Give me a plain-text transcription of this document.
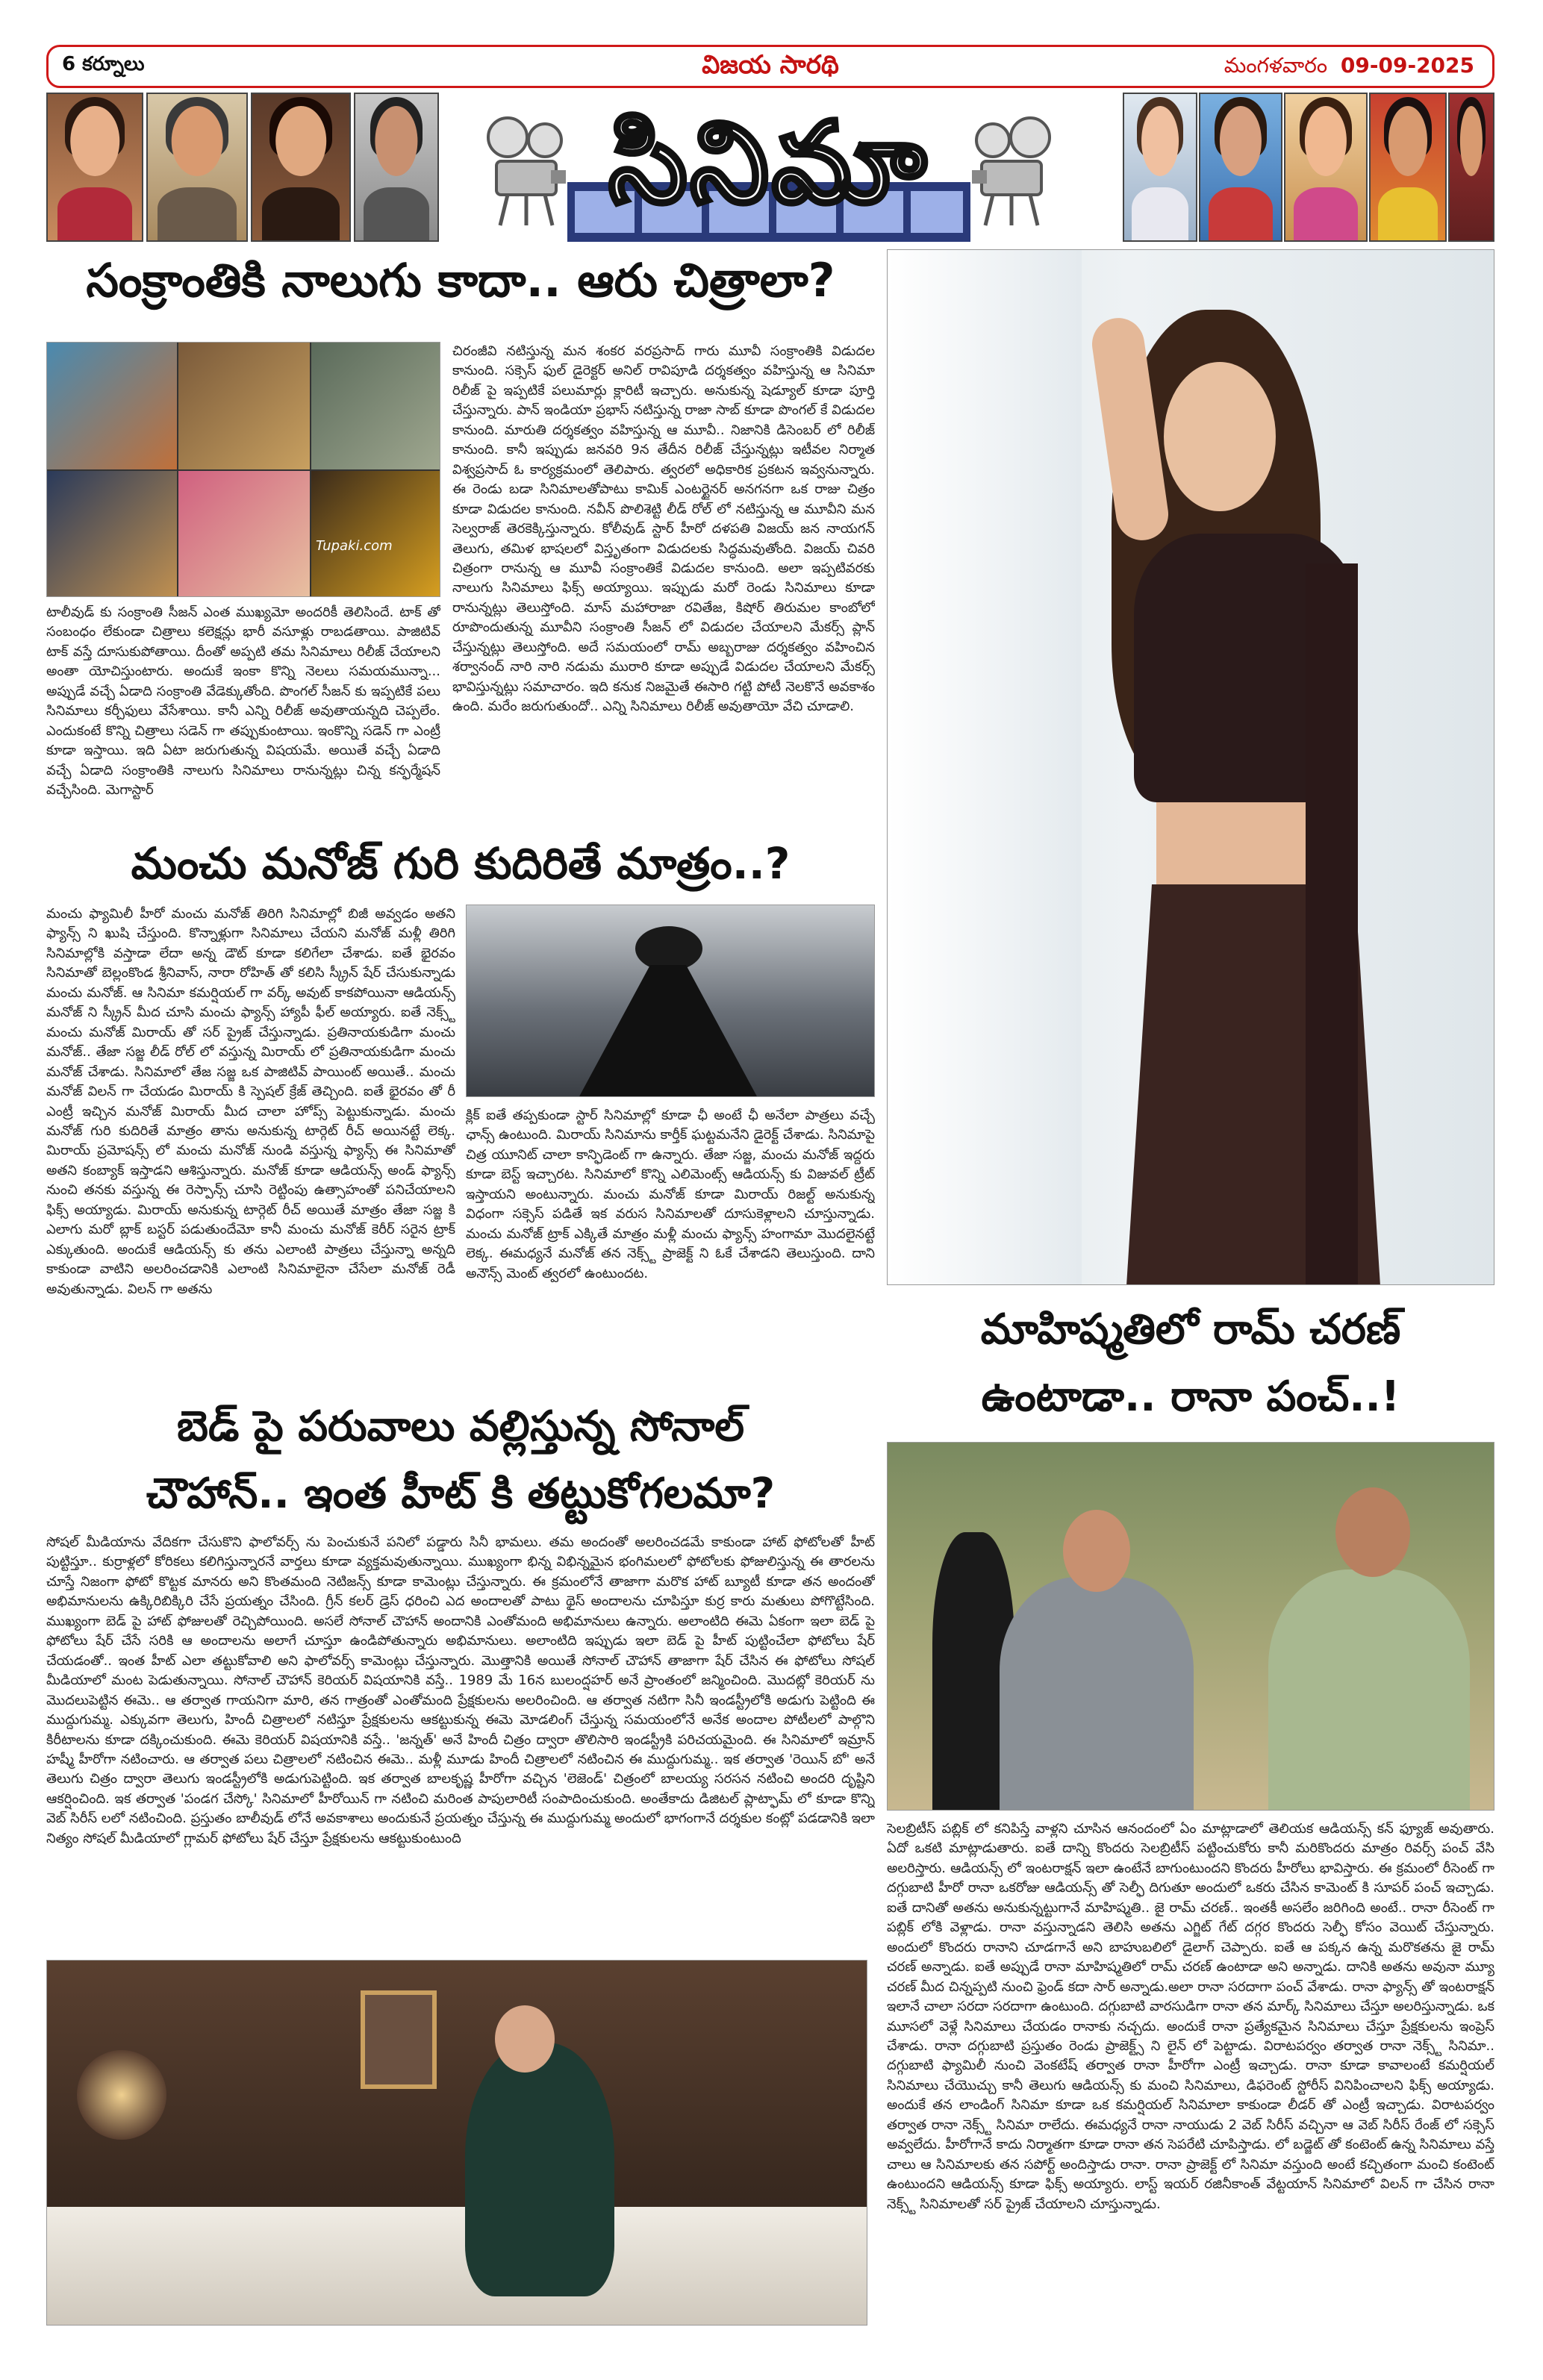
6 కర్నూలు	విజయ సారథి	మంగళవారం 09-09-2025
సినిమా
సంక్రాంతికి నాలుగు కాదా.. ఆరు చిత్రాలా?
Tupaki.com
టాలీవుడ్ కు సంక్రాంతి సీజన్ ఎంత ముఖ్యమో అందరికీ తెలిసిందే. టాక్ తో సంబంధం లేకుండా చిత్రాలు కలెక్షన్లు భారీ వసూళ్లు రాబడతాయి. పాజిటివ్ టాక్ వస్తే దూసుకుపోతాయి. దీంతో అప్పటి తమ సినిమాలు రిలీజ్ చేయాలని అంతా యోచిస్తుంటారు. అందుకే ఇంకా కొన్ని నెలలు సమయమున్నా... అప్పుడే వచ్చే ఏడాది సంక్రాంతి వేడెక్కుతోంది. పొంగల్ సీజన్ కు ఇప్పటికే పలు సినిమాలు కర్చీఫులు వేసేశాయి. కానీ ఎన్ని రిలీజ్ అవుతాయన్నది చెప్పలేం. ఎందుకంటే కొన్ని చిత్రాలు సడెన్ గా తప్పుకుంటాయి. ఇంకొన్ని సడెన్ గా ఎంట్రీ కూడా ఇస్తాయి. ఇది ఏటా జరుగుతున్న విషయమే. అయితే వచ్చే ఏడాది వచ్చే ఏడాది సంక్రాంతికి నాలుగు సినిమాలు రానున్నట్లు చిన్న కన్ఫర్మేషన్ వచ్చేసింది. మెగాస్టార్
చిరంజీవి నటిస్తున్న మన శంకర వరప్రసాద్ గారు మూవీ సంక్రాంతికి విడుదల కానుంది. సక్సెస్ ఫుల్ డైరెక్టర్ అనిల్ రావిపూడి దర్శకత్వం వహిస్తున్న ఆ సినిమా రిలీజ్ పై ఇప్పటికే పలుమార్లు క్లారిటీ ఇచ్చారు. అనుకున్న షెడ్యూల్ కూడా పూర్తి చేస్తున్నారు. పాన్ ఇండియా ప్రభాస్ నటిస్తున్న రాజా సాబ్ కూడా పొంగల్ కే విడుదల కానుంది. మారుతి దర్శకత్వం వహిస్తున్న ఆ మూవీ.. నిజానికి డిసెంబర్ లో రిలీజ్ కానుంది. కానీ ఇప్పుడు జనవరి 9న తేదీన రిలీజ్ చేస్తున్నట్లు ఇటీవల నిర్మాత విశ్వప్రసాద్ ఓ కార్యక్రమంలో తెలిపారు. త్వరలో అధికారిక ప్రకటన ఇవ్వనున్నారు. ఈ రెండు బడా సినిమాలతోపాటు కామిక్ ఎంటర్టైనర్ అనగనగా ఒక రాజు చిత్రం కూడా విడుదల కానుంది. నవీన్ పొలిశెట్టి లీడ్ రోల్ లో నటిస్తున్న ఆ మూవీని మన సెల్వరాజ్ తెరకెక్కిస్తున్నారు. కోలీవుడ్ స్టార్ హీరో దళపతి విజయ్ జన నాయగన్ తెలుగు, తమిళ భాషలలో విస్తృతంగా విడుదలకు సిద్ధమవుతోంది. విజయ్ చివరి చిత్రంగా రానున్న ఆ మూవీ సంక్రాంతికే విడుదల కానుంది. అలా ఇప్పటివరకు నాలుగు సినిమాలు ఫిక్స్ అయ్యాయి. ఇప్పుడు మరో రెండు సినిమాలు కూడా రానున్నట్లు తెలుస్తోంది. మాస్ మహారాజా రవితేజ, కిషోర్ తిరుమల కాంబోలో రూపొందుతున్న మూవీని సంక్రాంతి సీజన్ లో విడుదల చేయాలని మేకర్స్ ప్లాన్ చేస్తున్నట్లు తెలుస్తోంది. అదే సమయంలో రామ్ అబ్బరాజు దర్శకత్వం వహించిన శర్వానంద్ నారి నారి నడుమ మురారి కూడా అప్పుడే విడుదల చేయాలని మేకర్స్ భావిస్తున్నట్లు సమాచారం. ఇది కనుక నిజమైతే ఈసారి గట్టి పోటీ నెలకొనే అవకాశం ఉంది. మరేం జరుగుతుందో.. ఎన్ని సినిమాలు రిలీజ్ అవుతాయో వేచి చూడాలి.
మంచు మనోజ్ గురి కుదిరితే మాత్రం..?
మంచు ఫ్యామిలీ హీరో మంచు మనోజ్ తిరిగి సినిమాల్లో బిజీ అవ్వడం అతని ఫ్యాన్స్ ని ఖుషి చేస్తుంది. కొన్నాళ్లుగా సినిమాలు చేయని మనోజ్ మళ్లీ తిరిగి సినిమాల్లోకి వస్తాడా లేదా అన్న డౌట్ కూడా కలిగేలా చేశాడు. ఐతే భైరవం సినిమాతో బెల్లంకొండ శ్రీనివాస్, నారా రోహిత్ తో కలిసి స్క్రీన్ షేర్ చేసుకున్నాడు మంచు మనోజ్. ఆ సినిమా కమర్షియల్ గా వర్క్ అవుట్ కాకపోయినా ఆడియన్స్ మనోజ్ ని స్క్రీన్ మీద చూసి మంచు ఫ్యాన్స్ హ్యాపీ ఫీల్ అయ్యారు. ఐతే నెక్స్ట్ మంచు మనోజ్ మిరాయ్ తో సర్ ప్రైజ్ చేస్తున్నాడు. ప్రతినాయకుడిగా మంచు మనోజ్.. తేజా సజ్జ లీడ్ రోల్ లో వస్తున్న మిరాయ్ లో ప్రతినాయకుడిగా మంచు మనోజ్ చేశాడు. సినిమాలో తేజ సజ్జ ఒక పాజిటివ్ పాయింట్ అయితే.. మంచు మనోజ్ విలన్ గా చేయడం మిరాయ్ కి స్పెషల్ క్రేజ్ తెచ్చింది. ఐతే భైరవం తో రీ ఎంట్రీ ఇచ్చిన మనోజ్ మిరాయ్ మీద చాలా హోప్స్ పెట్టుకున్నాడు. మంచు మనోజ్ గురి కుదిరితే మాత్రం తాను అనుకున్న టార్గెట్ రీచ్ అయినట్టే లెక్క. మిరాయ్ ప్రమోషన్స్ లో మంచు మనోజ్ నుండి వస్తున్న ఫ్యాన్స్ ఈ సినిమాతో అతని కంబ్యాక్ ఇస్తాడని ఆశిస్తున్నారు. మనోజ్ కూడా ఆడియన్స్ అండ్ ఫ్యాన్స్ నుంచి తనకు వస్తున్న ఈ రెస్పాన్స్ చూసి రెట్టింపు ఉత్సాహంతో పనిచేయాలని ఫిక్స్ అయ్యాడు. మిరాయ్ అనుకున్న టార్గెట్ రీచ్ అయితే మాత్రం తేజా సజ్జ కి ఎలాగు మరో బ్లాక్ బస్టర్ పడుతుందేమో కానీ మంచు మనోజ్ కెరీర్ సరైన ట్రాక్ ఎక్కుతుంది. అందుకే ఆడియన్స్ కు తను ఎలాంటి పాత్రలు చేస్తున్నా అన్నది కాకుండా వాటిని అలరించడానికి ఎలాంటి సినిమాలైనా చేసేలా మనోజ్ రెడీ అవుతున్నాడు. విలన్ గా అతను
క్లిక్ ఐతే తప్పకుండా స్టార్ సినిమాల్లో కూడా ఛీ అంటే ఛీ అనేలా పాత్రలు వచ్చే ఛాన్స్ ఉంటుంది. మిరాయ్ సినిమాను కార్తీక్ ఘట్టమనేని డైరెక్ట్ చేశాడు. సినిమాపై చిత్ర యూనిట్ చాలా కాన్ఫిడెంట్ గా ఉన్నారు. తేజా సజ్జ, మంచు మనోజ్ ఇద్దరు కూడా బెస్ట్ ఇచ్చారట. సినిమాలో కొన్ని ఎలిమెంట్స్ ఆడియన్స్ కు విజువల్ ట్రీట్ ఇస్తాయని అంటున్నారు. మంచు మనోజ్ కూడా మిరాయ్ రిజల్ట్ అనుకున్న విధంగా సక్సెస్ పడితే ఇక వరుస సినిమాలతో దూసుకెళ్లాలని చూస్తున్నాడు. మంచు మనోజ్ ట్రాక్ ఎక్కితే మాత్రం మళ్లీ మంచు ఫ్యాన్స్ హంగామా మొదలైనట్టే లెక్క. ఈమధ్యనే మనోజ్ తన నెక్స్ట్ ప్రాజెక్ట్ ని ఓకే చేశాడని తెలుస్తుంది. దాని అనౌన్స్ మెంట్ త్వరలో ఉంటుందట.
బెడ్ పై పరువాలు వల్లిస్తున్న సోనాల్
చౌహాన్.. ఇంత హీట్ కి తట్టుకోగలమా?
సోషల్ మీడియాను వేదికగా చేసుకొని ఫాలోవర్స్ ను పెంచుకునే పనిలో పడ్డారు సినీ భామలు. తమ అందంతో అలరించడమే కాకుండా హాట్ ఫోటోలతో హీట్ పుట్టిస్తూ.. కుర్రాళ్లలో కోరికలు కలిగిస్తున్నారనే వార్తలు కూడా వ్యక్తమవుతున్నాయి. ముఖ్యంగా భిన్న విభిన్నమైన భంగిమలలో ఫోటోలకు ఫోజులిస్తున్న ఈ తారలను చూస్తే నిజంగా ఫోటో కొట్టక మానరు అని కొంతమంది నెటిజన్స్ కూడా కామెంట్లు చేస్తున్నారు. ఈ క్రమంలోనే తాజాగా మరొక హాట్ బ్యూటీ కూడా తన అందంతో అభిమానులను ఉక్కిరిబిక్కిరి చేసే ప్రయత్నం చేసింది. గ్రీన్ కలర్ డ్రెస్ ధరించి ఎద అందాలతో పాటు థైస్ అందాలను చూపిస్తూ కుర్ర కారు మతులు పోగొట్టేసింది. ముఖ్యంగా బెడ్ పై హాట్ ఫోజులతో రెచ్చిపోయింది. అసలే సోనాల్ చౌహాన్ అందానికి ఎంతోమంది అభిమానులు ఉన్నారు. అలాంటిది ఈమె ఏకంగా ఇలా బెడ్ పై ఫోటోలు షేర్ చేసే సరికి ఆ అందాలను అలాగే చూస్తూ ఉండిపోతున్నారు అభిమానులు. అలాంటిది ఇప్పుడు ఇలా బెడ్ పై హీట్ పుట్టించేలా ఫోటోలు షేర్ చేయడంతో.. ఇంత హీట్ ఎలా తట్టుకోవాలి అని ఫాలోవర్స్ కామెంట్లు చేస్తున్నారు. మొత్తానికి అయితే సోనాల్ చౌహాన్ తాజాగా షేర్ చేసిన ఈ ఫోటోలు సోషల్ మీడియాలో మంట పెడుతున్నాయి. సోనాల్ చౌహాన్ కెరియర్ విషయానికి వస్తే.. 1989 మే 16న బులంద్షహర్ అనే ప్రాంతంలో జన్మించింది. మొదట్లో కెరియర్ ను మొదలుపెట్టిన ఈమె.. ఆ తర్వాత గాయనిగా మారి, తన గాత్రంతో ఎంతోమంది ప్రేక్షకులను అలరించింది. ఆ తర్వాత నటిగా సినీ ఇండస్ట్రీలోకి అడుగు పెట్టింది ఈ ముద్దుగుమ్మ. ఎక్కువగా తెలుగు, హిందీ చిత్రాలలో నటిస్తూ ప్రేక్షకులను ఆకట్టుకున్న ఈమె మోడలింగ్ చేస్తున్న సమయంలోనే అనేక అందాల పోటీలలో పాల్గొని కిరీటాలను కూడా దక్కించుకుంది. ఈమె కెరియర్ విషయానికి వస్తే.. 'జన్నత్' అనే హిందీ చిత్రం ద్వారా తొలిసారి ఇండస్ట్రీకి పరిచయమైంది. ఈ సినిమాలో ఇమ్రాన్ హష్మీ హీరోగా నటించారు. ఆ తర్వాత పలు చిత్రాలలో నటించిన ఈమె.. మళ్లీ మూడు హిందీ చిత్రాలలో నటించిన ఈ ముద్దుగుమ్మ.. ఇక తర్వాత 'రెయిన్ బో' అనే తెలుగు చిత్రం ద్వారా తెలుగు ఇండస్ట్రీలోకి అడుగుపెట్టింది. ఇక తర్వాత బాలకృష్ణ హీరోగా వచ్చిన 'లెజెండ్' చిత్రంలో బాలయ్య సరసన నటించి అందరి దృష్టిని ఆకర్షించింది. ఇక తర్వాత 'పండగ చేస్కో' సినిమాలో హీరోయిన్ గా నటించి మరింత పాపులారిటీ సంపాదించుకుంది. అంతేకాదు డిజిటల్ ప్లాట్ఫామ్ లో కూడా కొన్ని వెబ్ సిరీస్ లలో నటించింది. ప్రస్తుతం బాలీవుడ్ లోనే అవకాశాలు అందుకునే ప్రయత్నం చేస్తున్న ఈ ముద్దుగుమ్మ అందులో భాగంగానే దర్శకుల కంట్లో పడడానికి ఇలా నిత్యం సోషల్ మీడియాలో గ్లామర్ ఫోటోలు షేర్ చేస్తూ ప్రేక్షకులను ఆకట్టుకుంటుంది
మాహిష్మతిలో రామ్ చరణ్
ఉంటాడా.. రానా పంచ్..!
సెలబ్రిటీస్ పబ్లిక్ లో కనిపిస్తే వాళ్లని చూసిన ఆనందంలో ఏం మాట్లాడాలో తెలియక ఆడియన్స్ కన్ ఫ్యూజ్ అవుతారు. ఏదో ఒకటి మాట్లాడుతారు. ఐతే దాన్ని కొందరు సెలబ్రిటీస్ పట్టించుకోరు కానీ మరికొందరు మాత్రం రివర్స్ పంచ్ వేసి అలరిస్తారు. ఆడియన్స్ లో ఇంటరాక్షన్ ఇలా ఉంటేనే బాగుంటుందని కొందరు హీరోలు భావిస్తారు. ఈ క్రమంలో రీసెంట్ గా దగ్గుబాటి హీరో రానా ఒకరోజు ఆడియన్స్ తో సెల్ఫీ దిగుతూ అందులో ఒకరు చేసిన కామెంట్ కి సూపర్ పంచ్ ఇచ్చాడు. ఐతే దానితో అతను అనుకున్నట్టుగానే మాహిష్మతి.. జై రామ్ చరణ్.. ఇంతకీ అసలేం జరిగింది అంటే.. రానా రీసెంట్ గా పబ్లిక్ లోకి వెళ్లాడు. రానా వస్తున్నాడని తెలిసి అతను ఎగ్జిట్ గేట్ దగ్గర కొందరు సెల్ఫీ కోసం వెయిట్ చేస్తున్నారు. అందులో కొందరు రానాని చూడగానే అని బాహుబలిలో డైలాగ్ చెప్పారు. ఐతే ఆ పక్కన ఉన్న మరొకతను జై రామ్ చరణ్ అన్నాడు. ఐతే అప్పుడే రానా మాహిష్మతిలో రామ్ చరణ్ ఉంటాడా అని అన్నాడు. దానికి అతను అవునా మ్యూ చరణ్ మీద చిన్నప్పటి నుంచి ఫ్రెండ్ కదా సార్ అన్నాడు.అలా రానా సరదాగా పంచ్ వేశాడు. రానా ఫ్యాన్స్ తో ఇంటరాక్షన్ ఇలానే చాలా సరదా సరదాగా ఉంటుంది. దగ్గుబాటి వారసుడిగా రానా తన మార్క్ సినిమాలు చేస్తూ అలరిస్తున్నాడు. ఒక మూసలో వెళ్లే సినిమాలు చేయడం రానాకు నచ్చదు. అందుకే రానా ప్రత్యేకమైన సినిమాలు చేస్తూ ప్రేక్షకులను ఇంప్రెస్ చేశాడు. రానా దగ్గుబాటి ప్రస్తుతం రెండు ప్రాజెక్ట్స్ ని లైన్ లో పెట్టాడు. విరాటపర్వం తర్వాత రానా నెక్స్ట్ సినిమా.. దగ్గుబాటి ఫ్యామిలీ నుంచి వెంకటేష్ తర్వాత రానా హీరోగా ఎంట్రీ ఇచ్చాడు. రానా కూడా కావాలంటే కమర్షియల్ సినిమాలు చేయొచ్చు కానీ తెలుగు ఆడియన్స్ కు మంచి సినిమాలు, డిఫరెంట్ స్టోరీస్ వినిపించాలని ఫిక్స్ అయ్యాడు. అందుకే తన లాండింగ్ సినిమా కూడా ఒక కమర్షియల్ సినిమాలా కాకుండా లీడర్ తో ఎంట్రీ ఇచ్చాడు. విరాటపర్వం తర్వాత రానా నెక్స్ట్ సినిమా రాలేదు. ఈమధ్యనే రానా నాయుడు 2 వెబ్ సిరీస్ వచ్చినా ఆ వెబ్ సిరీస్ రేంజ్ లో సక్సెస్ అవ్వలేదు. హీరోగానే కాదు నిర్మాతగా కూడా రానా తన సెపరేటి చూపిస్తాడు. లో బడ్జెట్ తో కంటెంట్ ఉన్న సినిమాలు వస్తే చాలు ఆ సినిమాలకు తన సపోర్ట్ అందిస్తాడు రానా. రానా ప్రాజెక్ట్ లో సినిమా వస్తుంది అంటే కచ్చితంగా మంచి కంటెంట్ ఉంటుందని ఆడియన్స్ కూడా ఫిక్స్ అయ్యారు. లాస్ట్ ఇయర్ రజినీకాంత్ వేట్టయాన్ సినిమాలో విలన్ గా చేసిన రానా నెక్స్ట్ సినిమాలతో సర్ ప్రైజ్ చేయాలని చూస్తున్నాడు.
